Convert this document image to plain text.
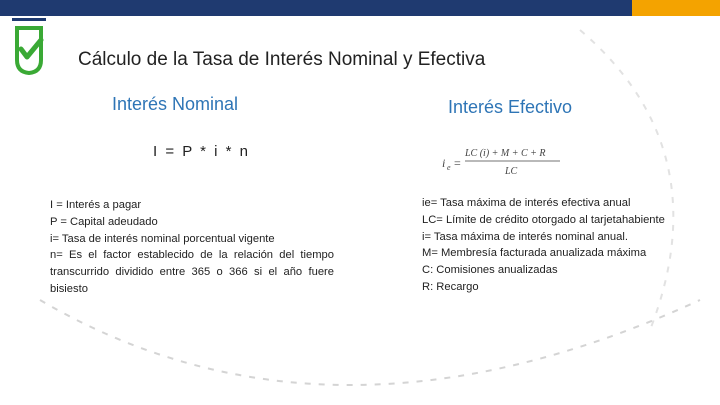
Cálculo de la Tasa de Interés Nominal y Efectiva
Interés Nominal	Interés Efectivo
I = P * i * n
i e =
LC (i) + M + C + R
LC
I = Interés a pagar
P = Capital adeudado
i= Tasa de interés nominal porcentual vigente
n= Es el factor establecido de la relación del tiempo transcurrido dividido entre 365 o 366 si el año fuere bisiesto
ie= Tasa máxima de interés efectiva anual
LC= Límite de crédito otorgado al tarjetahabiente
i= Tasa máxima de interés nominal anual.
M= Membresía facturada anualizada máxima
C: Comisiones anualizadas
R: Recargo
